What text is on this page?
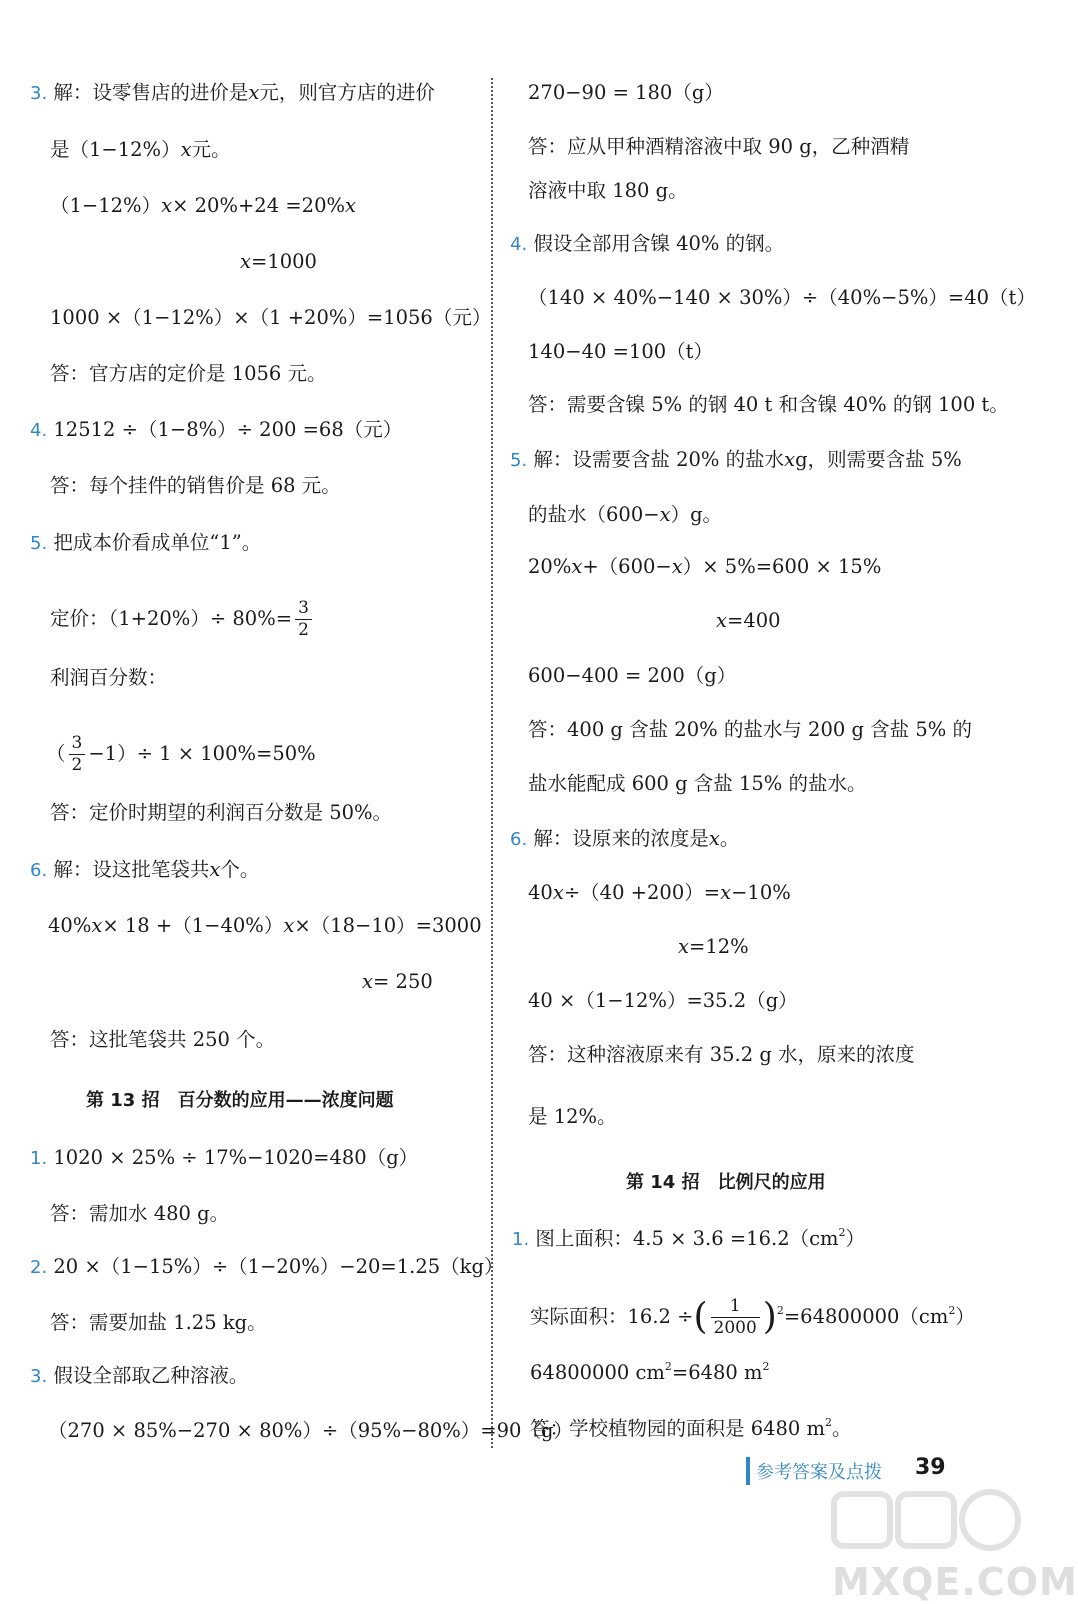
3. 解：设零售店的进价是x元，则官方店的进价
是（1−12%）x元。
（1−12%）x× 20%+24 =20%x
x=1000
1000 ×（1−12%）×（1 +20%）=1056（元）
答：官方店的定价是 1056 元。
4. 12512 ÷（1−8%）÷ 200 =68（元）
答：每个挂件的销售价是 68 元。
5. 把成本价看成单位“1”。
定价：$(1+20\%)\div 80\%= \frac{3}{2}$
利润百分数：
（ $\frac{3}{2} -1)\div 1 \times 100\%=50\%$
答：定价时期望的利润百分数是 50%。
6. 解：设这批笔袋共x个。
40%x× 18 +（1−40%）x×（18−10）=3000
x= 250
答：这批笔袋共 250 个。
第 13 招　百分数的应用——浓度问题
1. 1020 × 25% ÷ 17%−1020=480（g）
答：需加水 480 g。
2. 20 ×（1−15%）÷（1−20%）−20=1.25（kg）
答：需要加盐 1.25 kg。
3. 假设全部取乙种溶液。
（270 × 85%−270 × 80%）÷（95%−80%）=90（g）
270−90 = 180（g）
答：应从甲种酒精溶液中取 90 g，乙种酒精
溶液中取 180 g。
4. 假设全部用含镍 40% 的钢。
（140 × 40%−140 × 30%）÷（40%−5%）=40（t）
140−40 =100（t）
答：需要含镍 5% 的钢 40 t 和含镍 40% 的钢 100 t。
5. 解：设需要含盐 20% 的盐水xg，则需要含盐 5%
的盐水（600−x）g。
20%x+（600−x）× 5%=600 × 15%
x=400
600−400 = 200（g）
答：400 g 含盐 20% 的盐水与 200 g 含盐 5% 的
盐水能配成 600 g 含盐 15% 的盐水。
6. 解：设原来的浓度是x。
40x÷（40 +200）=x−10%
x=12%
40 ×（1−12%）=35.2（g）
答：这种溶液原来有 35.2 g 水，原来的浓度
是 12%。
第 14 招　比例尺的应用
1. 图上面积：$4.5 \times 3.6 =16.2(cm^2)$
实际面积：16.2 ÷( $\frac{1}{2000} )^2=64800000(cm^2)$
64800000 $cm^2=6480$ $m^2$
答：学校植物园的面积是 6480 $m^2$。
参考答案及点拨 39
MXQE.COM
